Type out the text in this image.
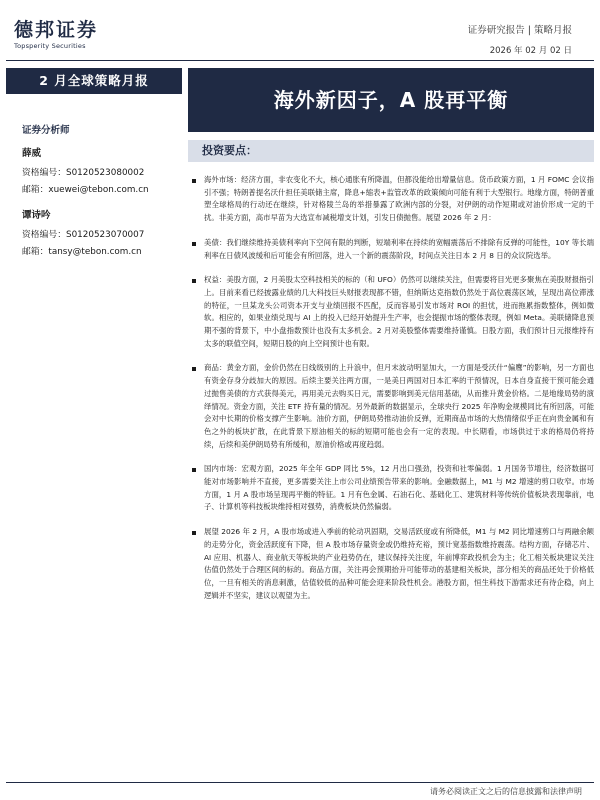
德邦证券
Topsperity Securities
证券研究报告 | 策略月报
2026 年 02 月 02 日
2 月全球策略月报
海外新因子，A 股再平衡
证券分析师
薛威
资格编号：S0120523080002
邮箱：xuewei@tebon.com.cn
谭诗吟
资格编号：S0120523070007
邮箱：tansy@tebon.com.cn
投资要点：
海外市场：经济方面，非农变化不大，核心通胀有所降温，但都没能给出增量信息。货币政策方面，1 月 FOMC 会议指引不强；特朗普提名沃什担任美联储主席，降息+缩表+监管改革的政策倾向可能有利于大型银行。地缘方面，特朗普重塑全球格局的行动还在继续，针对格陵兰岛的举措暴露了欧洲内部的分裂，对伊朗的动作短期或对油价形成一定的干扰。非美方面，高市早苗为大选宣布减税增支计划，引发日债抛售。展望 2026 年 2 月：
美债：我们继续维持美债利率向下空间有限的判断，短端利率在持续的宽幅震荡后不排除有反弹的可能性，10Y 等长端利率在日债风波缓和后可能会有所回落，进入一个新的震荡阶段，时间点关注日本 2 月 8 日的众议院选举。
权益：美股方面，2 月美股太空科技相关的标的（和 UFO）仍然可以继续关注，但需要将目光更多聚焦在美股财报指引上。目前来看已经披露业绩的几大科技巨头财报表现都不错，但纳斯达克指数仍然处于高位震荡区域，呈现出高位滞涨的特征，一旦某龙头公司资本开支与业绩回报不匹配，反而容易引发市场对 ROI 的担忧，进而拖累指数整体，例如微软。相应的，如果业绩兑现与 AI 上的投入已经开始提升生产率，也会提振市场的整体表现，例如 Meta。美联储降息预期不强的背景下，中小盘指数预计也没有太多机会。2 月对美股整体需要维持谨慎。日股方面，我们预计日元报维持有太多的联值空间，短期日股的向上空间预计也有限。
商品：黄金方面，金价仍然在日线级别的上升浪中，但月末波动明显加大，一方面是受沃什“偏鹰”的影响，另一方面也有资金存身分歧加大的原因。后续主要关注两方面，一是美日两国对日本汇率的干预情况，日本自身直接干预可能会通过抛售美债的方式获得美元，再用美元去购买日元，需要影响到美元信用基础，从而推升黄金价格。二是地缘局势的演绎情况。资金方面，关注 ETF 持有量的情况。另外最新的数据显示，全球央行 2025 年净购金规模同比有所回落，可能会对中长期的价格支撑产生影响。油价方面，伊朗局势推动油价反弹，近期商品市场的大热情绪似乎正在向贵金属和有色之外的板块扩散，在此背景下原油相关的标的短期可能也会有一定的表现。中长期看，市场供过于求的格局仍将持续，后续和美伊朗局势有所缓和，原油价格或再度趋弱。
国内市场：宏观方面，2025 年全年 GDP 同比 5%，12 月出口强劲，投资和社零偏弱。1 月国务节增往，经济数据可能对市场影响并不直接，更多需要关注上市公司业绩预告带来的影响。金融数据上，M1 与 M2 增速的剪口收窄。市场方面，1 月 A 股市场呈现再平衡的特征。1 月有色金属、石油石化、基础化工、建筑材料等传统价值板块表现靠前，电子、计算机等科技板块维持相对强势，消费板块仍然偏弱。
展望 2026 年 2 月，A 股市场或进入季前的轮动巩固期，交易活跃度或有所降低，M1 与 M2 同比增速剪口与两融余额的走势分化，资金活跃度有下降，但 A 股市场存量资金或仍维持充裕，预计宽基指数维持震荡。结构方面，存储芯片、AI 应用、机器人、商业航天等板块的产业趋势仍在，建议保持关注度，年前博弈政投机会为主；化工相关板块建议关注估值仍然处于合理区间的标的。商品方面，关注再会预期抬升可能带动的基建相关板块，部分相关的商品还处于价格低位，一旦有相关的消息刺激，估值较低的品种可能会迎来阶段性机会。港股方面，恒生科技下游需求还有待企稳，向上逻辑并不坚实，建议以观望为主。
请务必阅读正文之后的信息披露和法律声明
